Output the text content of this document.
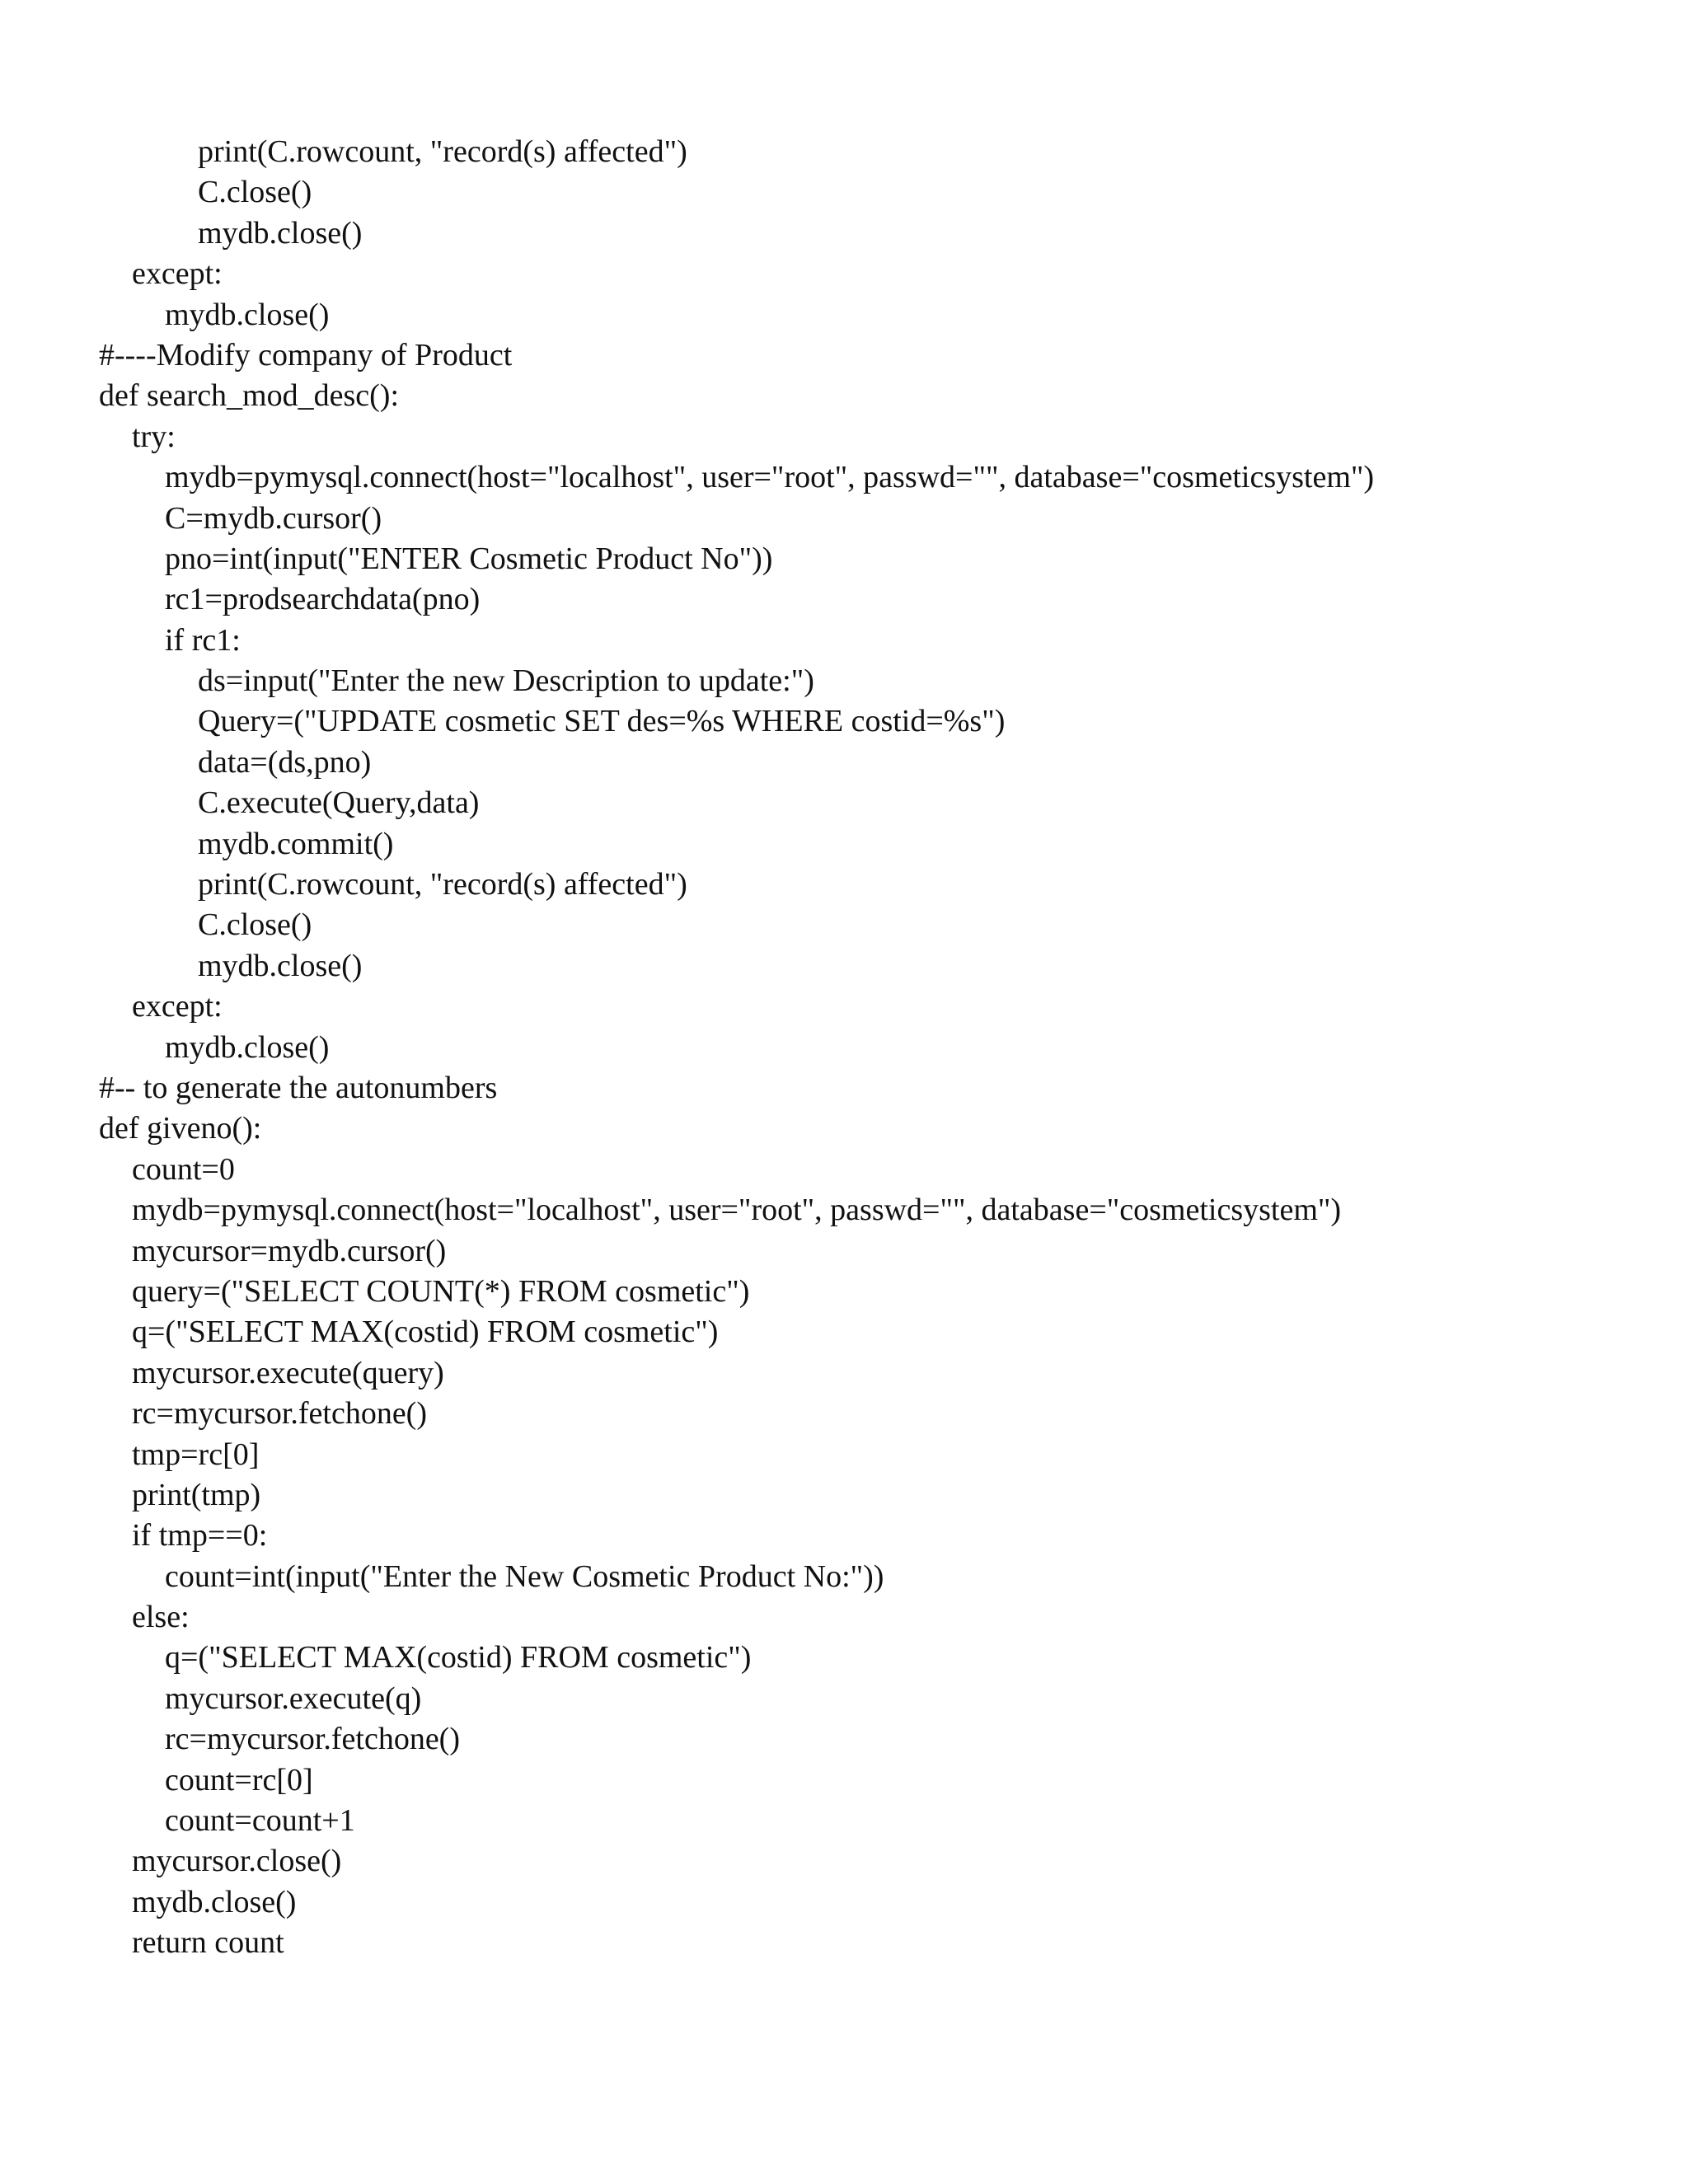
print(C.rowcount, "record(s) affected")
C.close()
mydb.close()
except:
mydb.close()
#----Modify company of Product
def search_mod_desc():
try:
mydb=pymysql.connect(host="localhost", user="root", passwd="", database="cosmeticsystem")
C=mydb.cursor()
pno=int(input("ENTER Cosmetic Product No"))
rc1=prodsearchdata(pno)
if rc1:
ds=input("Enter the new Description to update:")
Query=("UPDATE cosmetic SET des=%s WHERE costid=%s")
data=(ds,pno)
C.execute(Query,data)
mydb.commit()
print(C.rowcount, "record(s) affected")
C.close()
mydb.close()
except:
mydb.close()
#-- to generate the autonumbers
def giveno():
count=0
mydb=pymysql.connect(host="localhost", user="root", passwd="", database="cosmeticsystem")
mycursor=mydb.cursor()
query=("SELECT COUNT(*) FROM cosmetic")
q=("SELECT MAX(costid) FROM cosmetic")
mycursor.execute(query)
rc=mycursor.fetchone()
tmp=rc[0]
print(tmp)
if tmp==0:
count=int(input("Enter the New Cosmetic Product No:"))
else:
q=("SELECT MAX(costid) FROM cosmetic")
mycursor.execute(q)
rc=mycursor.fetchone()
count=rc[0]
count=count+1
mycursor.close()
mydb.close()
return count
